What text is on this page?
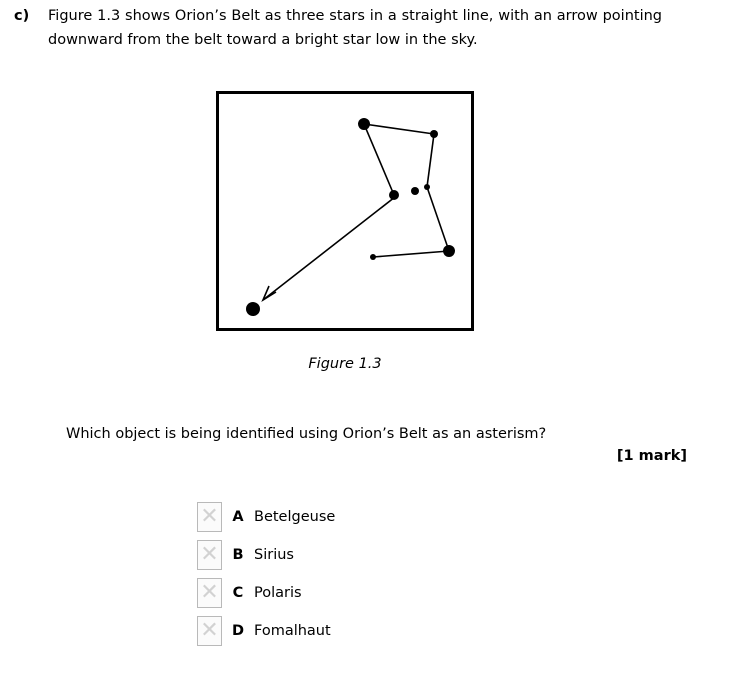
c)	Figure 1.3 shows Orion’s Belt as three stars in a straight line, with an arrow pointing downward from the belt toward a bright star low in the sky.
Figure 1.3
Which object is being identified using Orion’s Belt as an asterism?
[1 mark]
✕ A Betelgeuse
✕ B Sirius
✕ C Polaris
✕ D Fomalhaut
